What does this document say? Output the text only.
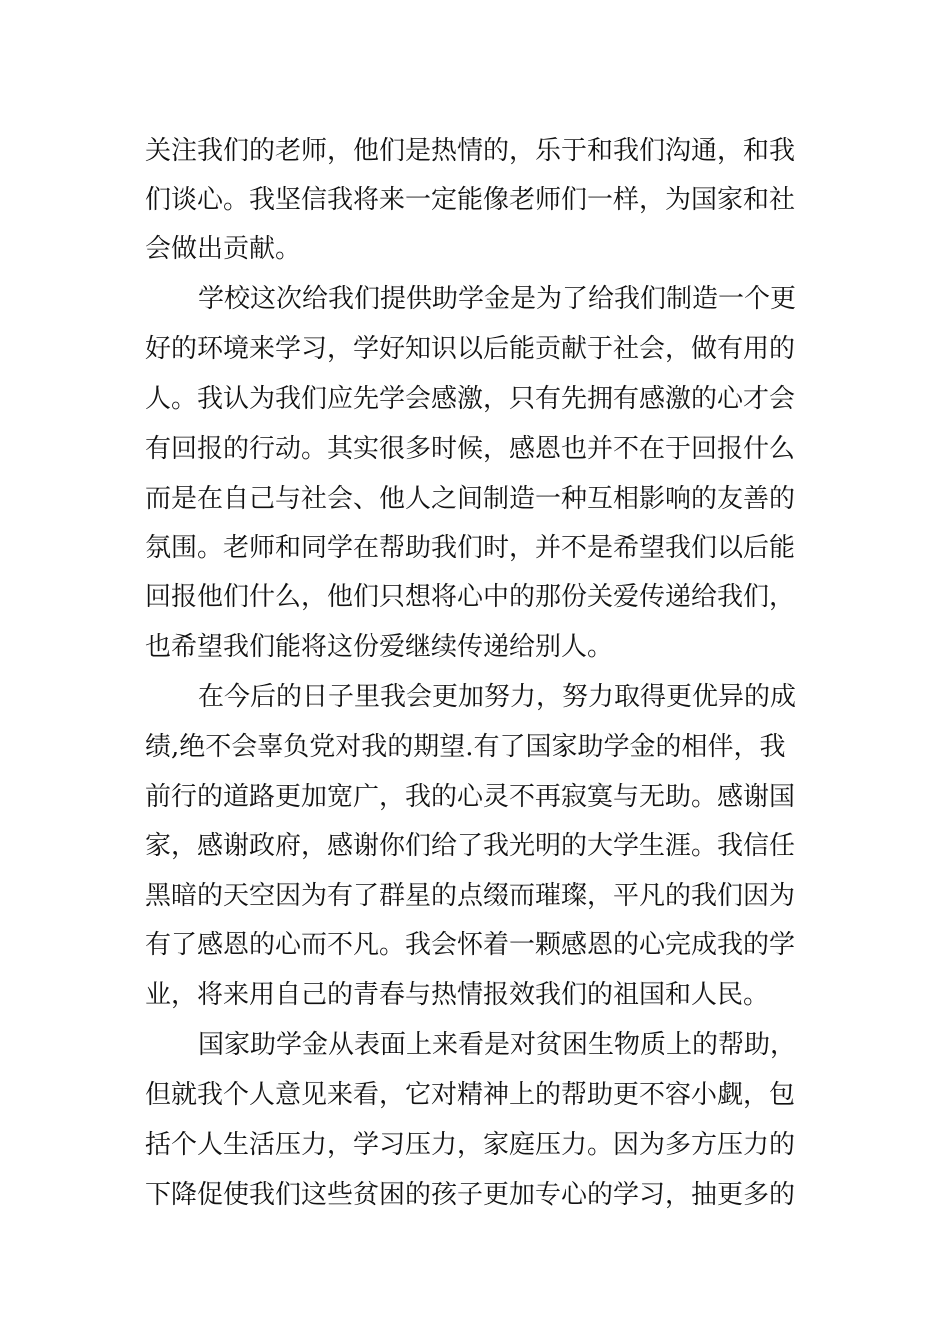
关注我们的老师，他们是热情的，乐于和我们沟通，和我
们谈心。我坚信我将来一定能像老师们一样，为国家和社
会做出贡献。
学校这次给我们提供助学金是为了给我们制造一个更
好的环境来学习，学好知识以后能贡献于社会，做有用的
人。我认为我们应先学会感激，只有先拥有感激的心才会
有回报的行动。其实很多时候，感恩也并不在于回报什么
而是在自己与社会、他人之间制造一种互相影响的友善的
氛围。老师和同学在帮助我们时，并不是希望我们以后能
回报他们什么，他们只想将心中的那份关爱传递给我们，
也希望我们能将这份爱继续传递给别人。
在今后的日子里我会更加努力，努力取得更优异的成
绩,绝不会辜负党对我的期望.有了国家助学金的相伴，我
前行的道路更加宽广，我的心灵不再寂寞与无助。感谢国
家，感谢政府，感谢你们给了我光明的大学生涯。我信任
黑暗的天空因为有了群星的点缀而璀璨，平凡的我们因为
有了感恩的心而不凡。我会怀着一颗感恩的心完成我的学
业，将来用自己的青春与热情报效我们的祖国和人民。
国家助学金从表面上来看是对贫困生物质上的帮助，
但就我个人意见来看，它对精神上的帮助更不容小觑，包
括个人生活压力，学习压力，家庭压力。因为多方压力的
下降促使我们这些贫困的孩子更加专心的学习，抽更多的
